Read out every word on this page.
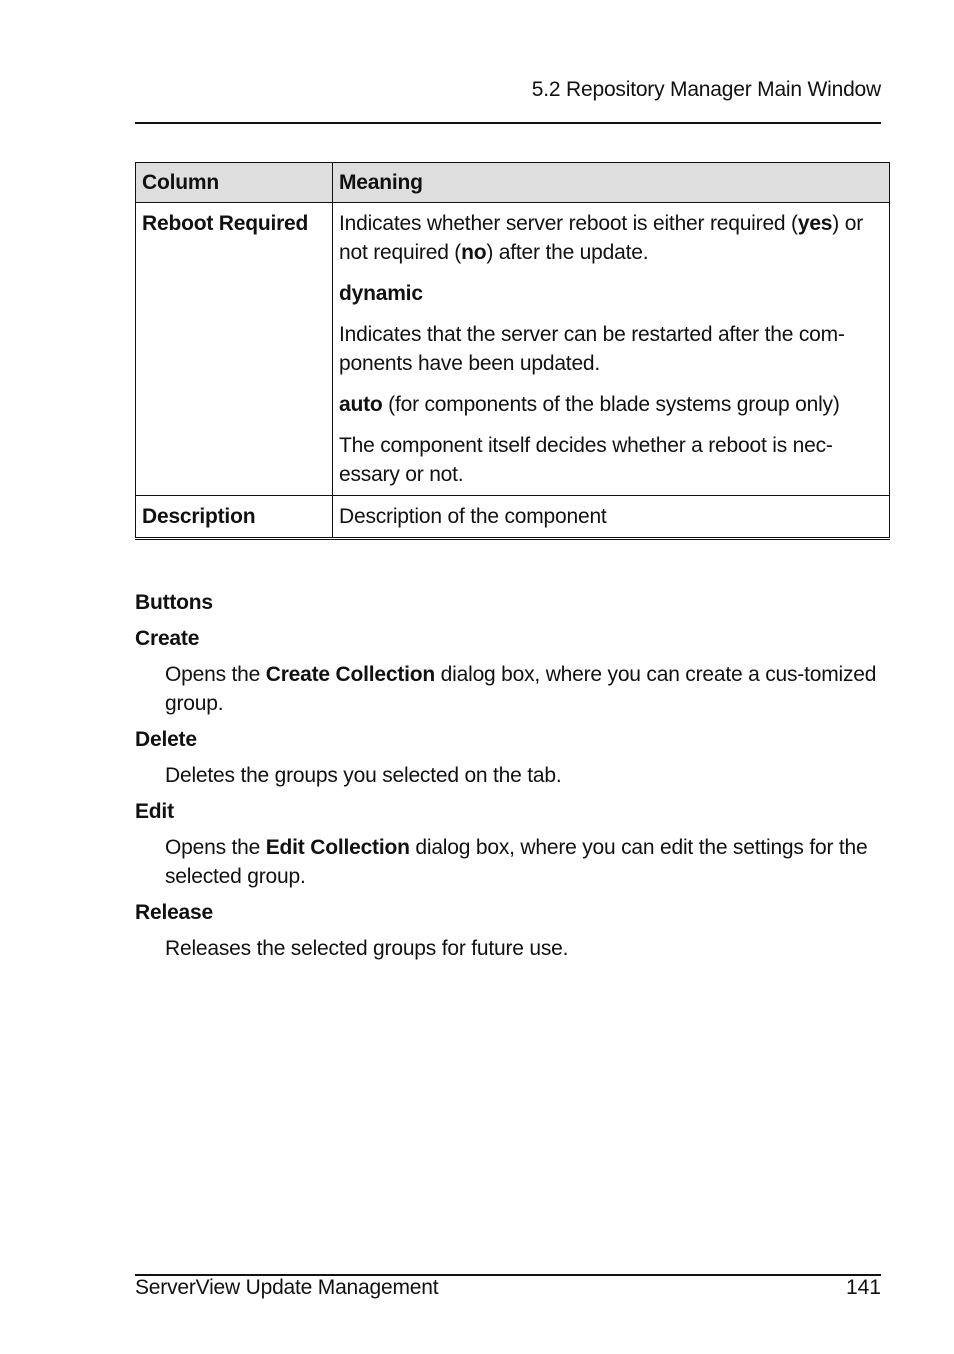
5.2 Repository Manager Main Window
Column	Meaning
Reboot Required	Indicates whether server reboot is either required (yes) or not required (no) after the update.

dynamic

Indicates that the server can be restarted after the com-ponents have been updated.

auto (for components of the blade systems group only)

The component itself decides whether a reboot is nec-essary or not.

Description	Description of the component
Buttons
Create
Opens the Create Collection dialog box, where you can create a cus-tomized group.
Delete
Deletes the groups you selected on the tab.
Edit
Opens the Edit Collection dialog box, where you can edit the settings for the selected group.
Release
Releases the selected groups for future use.
ServerView Update Management	141
